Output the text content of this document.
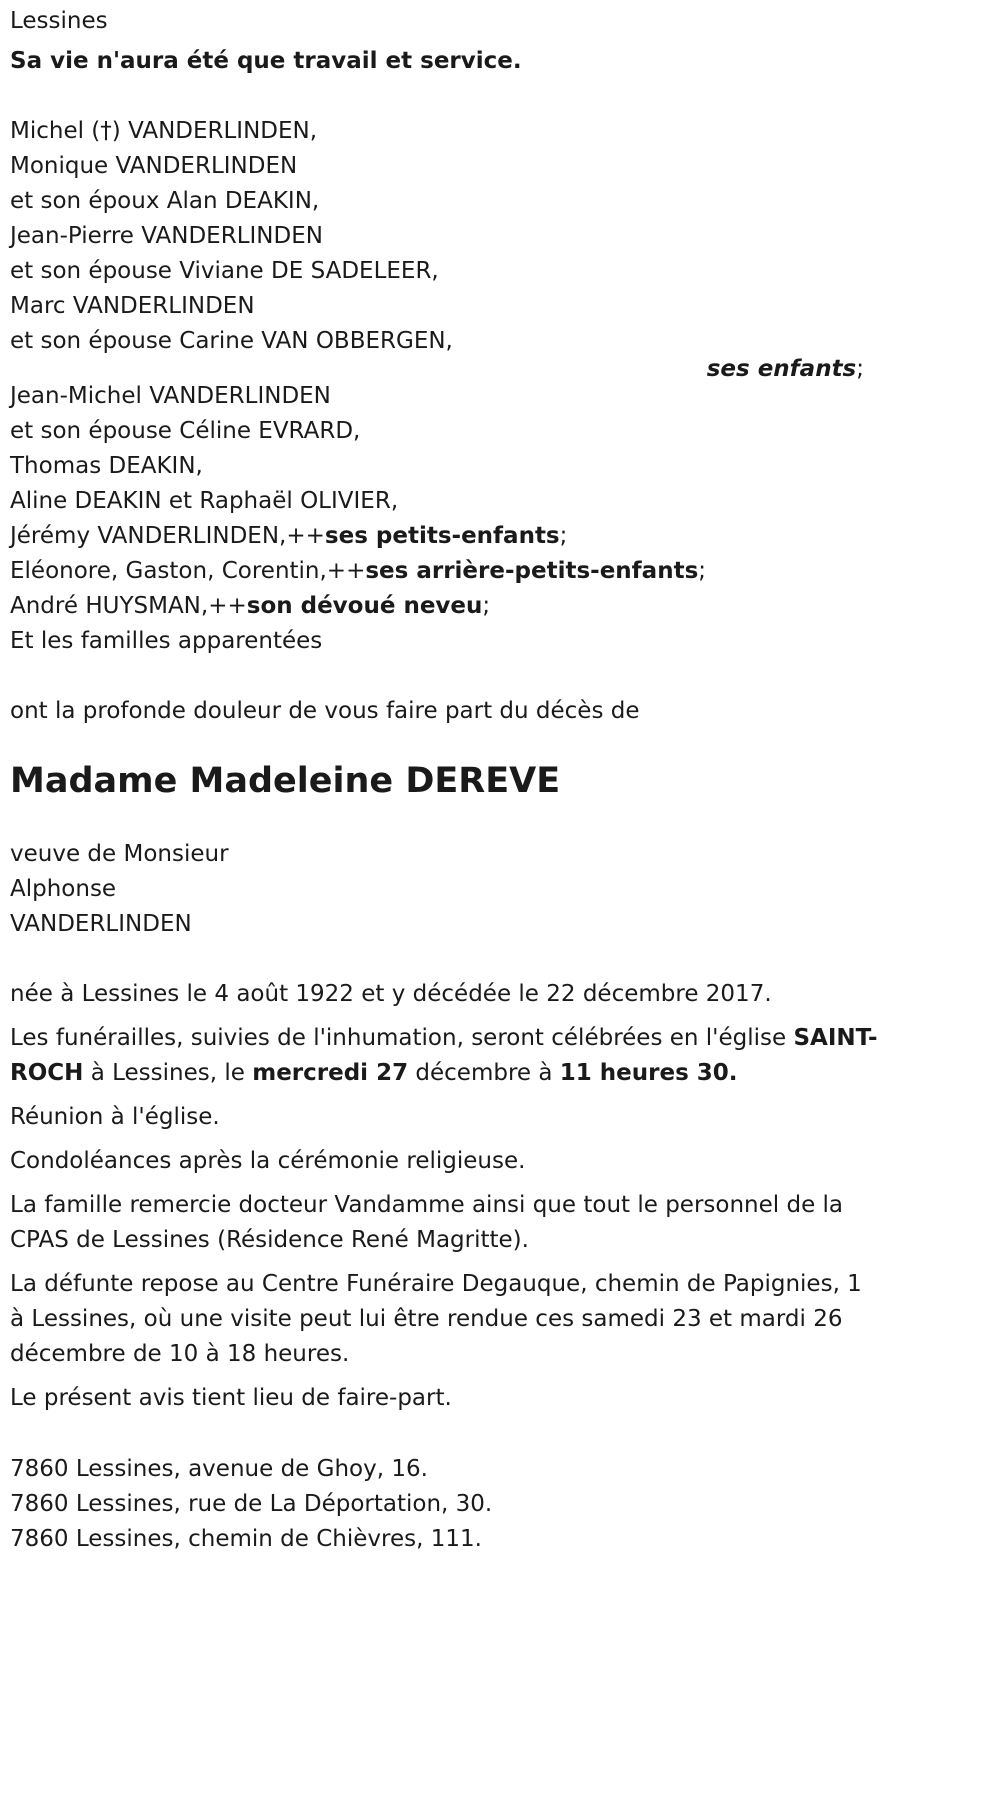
Lessines
Sa vie n'aura été que travail et service.
Michel (†) VANDERLINDEN,
Monique VANDERLINDEN
et son époux Alan DEAKIN,
Jean-Pierre VANDERLINDEN
et son épouse Viviane DE SADELEER,
Marc VANDERLINDEN
et son épouse Carine VAN OBBERGEN,
ses enfants;
Jean-Michel VANDERLINDEN
et son épouse Céline EVRARD,
Thomas DEAKIN,
Aline DEAKIN et Raphaël OLIVIER,
Jérémy VANDERLINDEN,++ses petits-enfants;
Eléonore, Gaston, Corentin,++ses arrière-petits-enfants;
André HUYSMAN,++son dévoué neveu;
Et les familles apparentées
ont la profonde douleur de vous faire part du décès de
Madame Madeleine DEREVE
veuve de Monsieur
Alphonse
VANDERLINDEN
née à Lessines le 4 août 1922 et y décédée le 22 décembre 2017.
Les funérailles, suivies de l'inhumation, seront célébrées en l'église SAINT-ROCH à Lessines, le mercredi 27 décembre à 11 heures 30.
Réunion à l'église.
Condoléances après la cérémonie religieuse.
La famille remercie docteur Vandamme ainsi que tout le personnel de la CPAS de Lessines (Résidence René Magritte).
La défunte repose au Centre Funéraire Degauque, chemin de Papignies, 1 à Lessines, où une visite peut lui être rendue ces samedi 23 et mardi 26 décembre de 10 à 18 heures.
Le présent avis tient lieu de faire-part.
7860 Lessines, avenue de Ghoy, 16.
7860 Lessines, rue de La Déportation, 30.
7860 Lessines, chemin de Chièvres, 111.
